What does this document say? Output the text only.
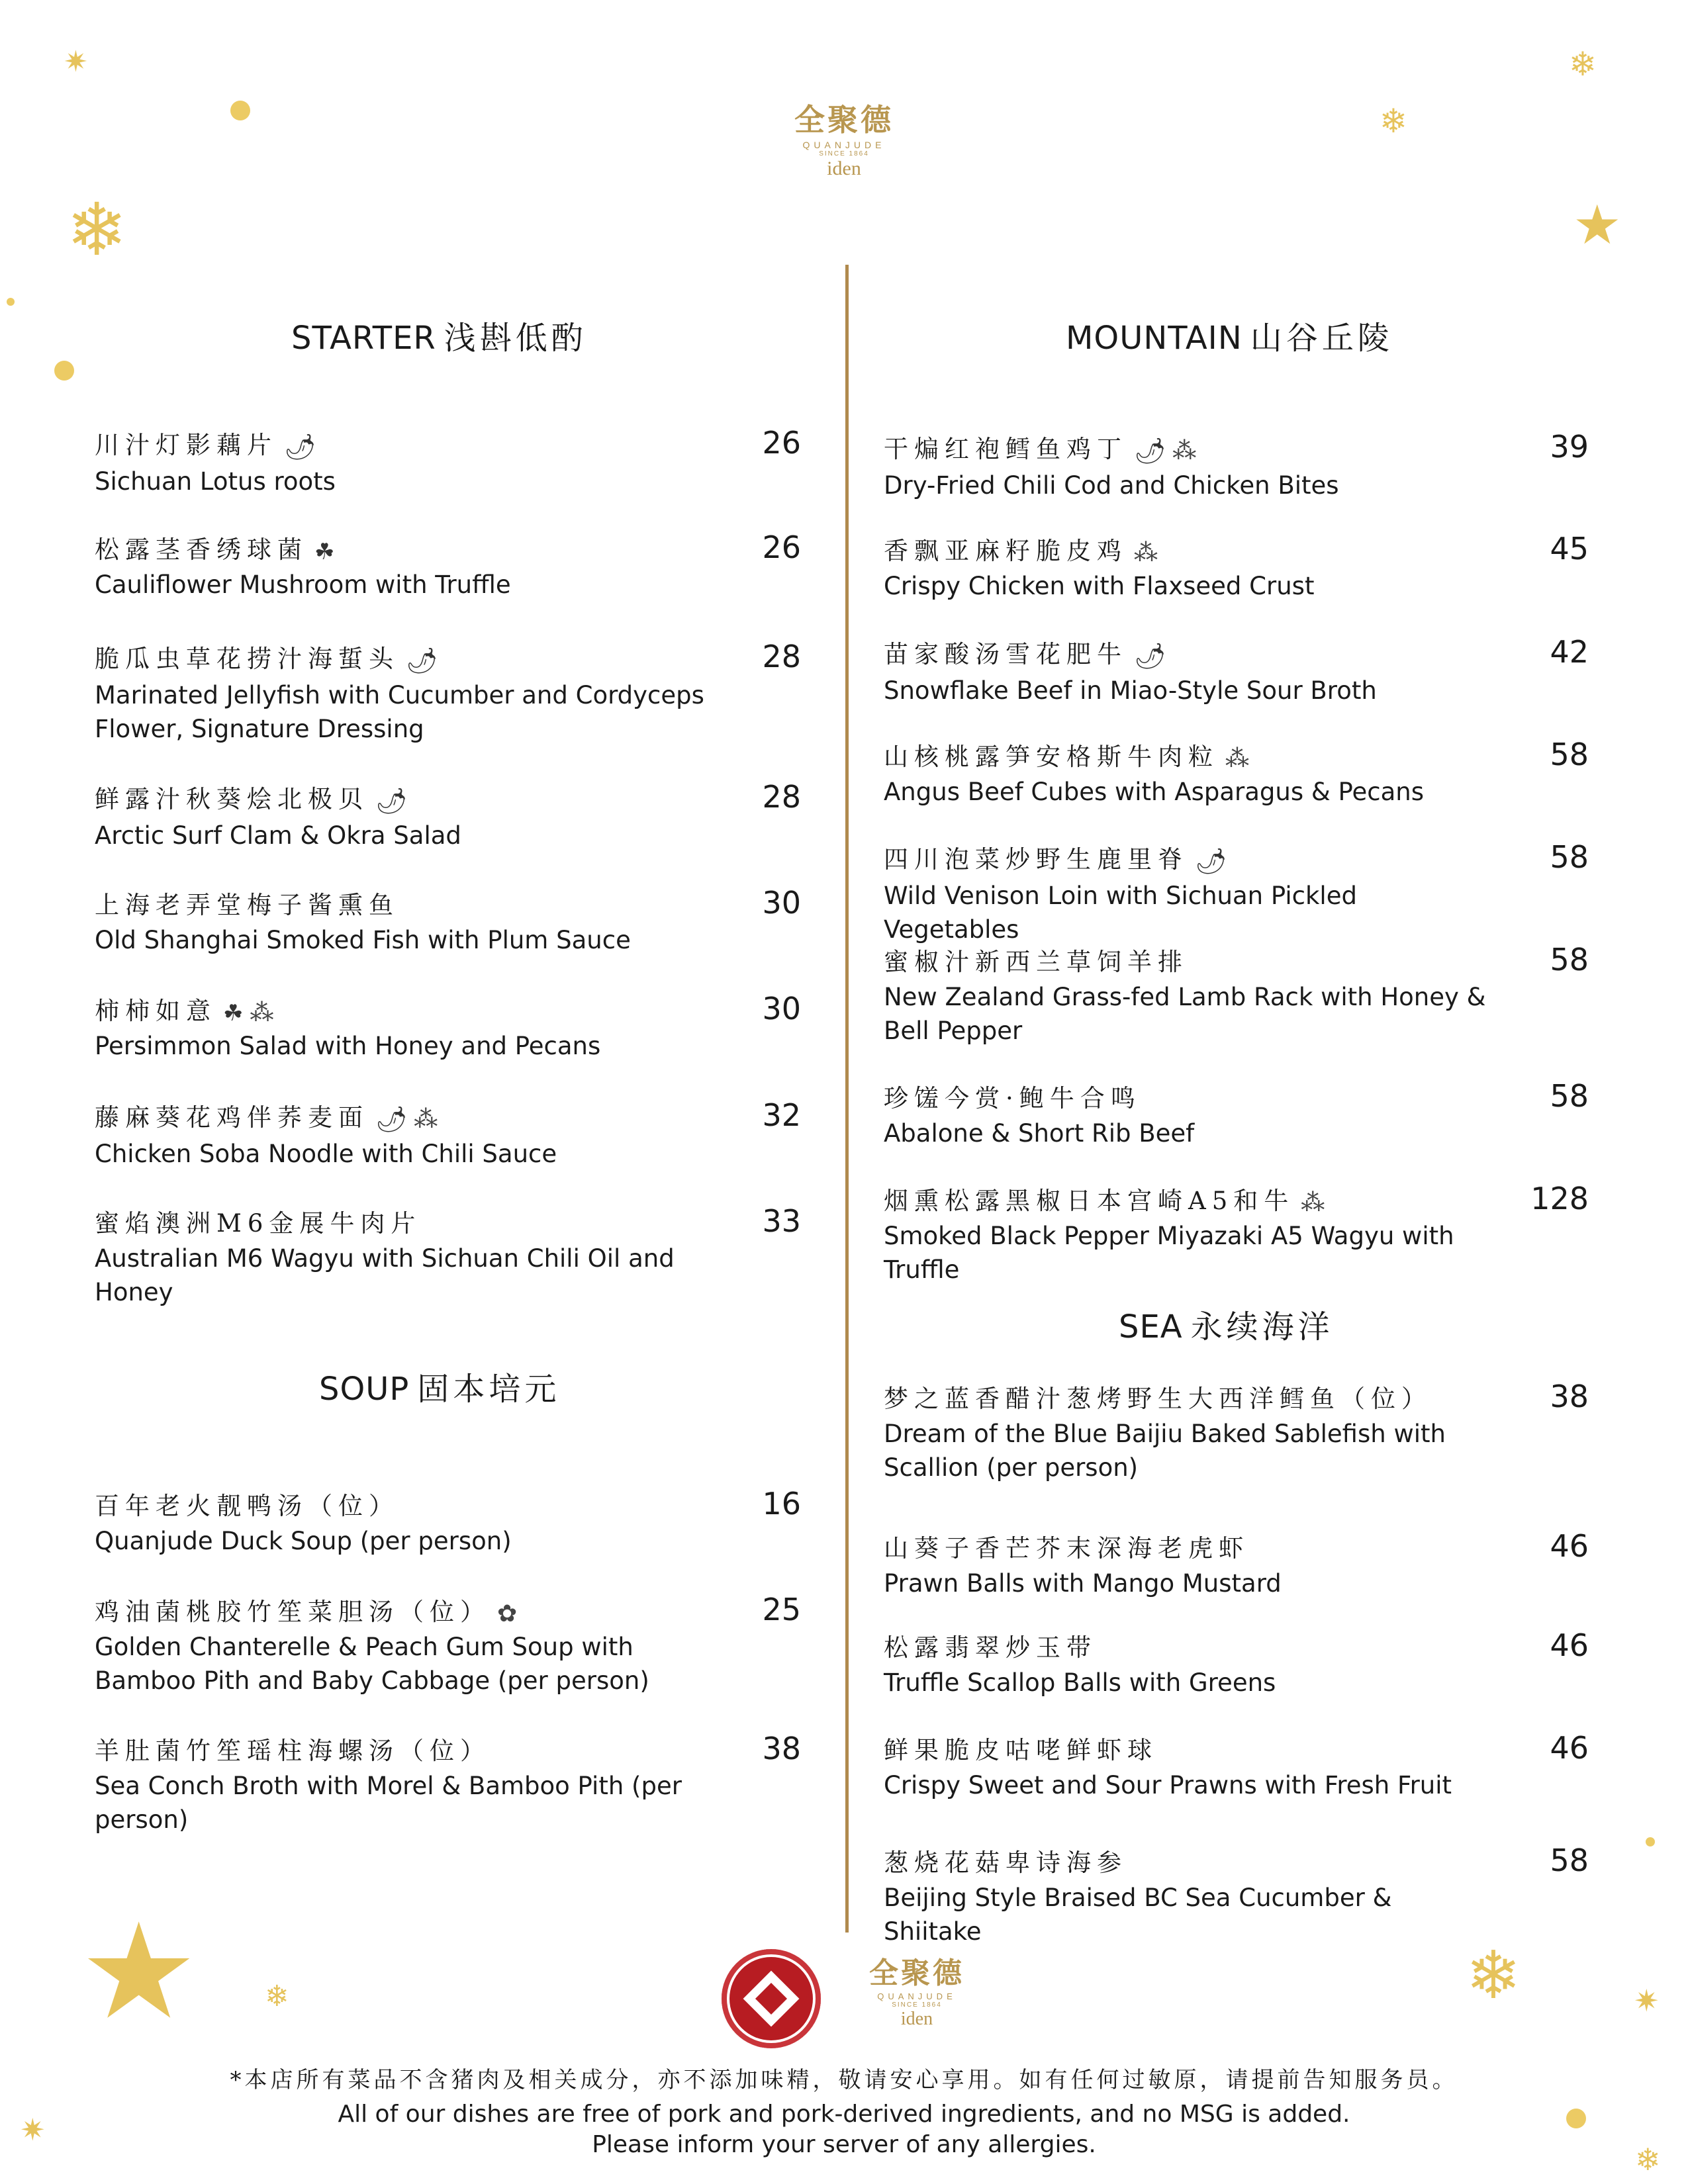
✷
❄
❄
❄
★
★ ❄
✷
❄	✷
❄
全聚德
QUANJUDE
SINCE 1864
iden
STARTER 浅斟低酌	MOUNTAIN 山谷丘陵
SOUP 固本培元
SEA 永续海洋
川汁灯影藕片 🌶
Sichuan Lotus roots
26
松露茎香绣球菌 ☘
Cauliflower Mushroom with Truffle
26
脆瓜虫草花捞汁海蜇头 🌶
Marinated Jellyfish with Cucumber and Cordyceps Flower, Signature Dressing
28
鲜露汁秋葵烩北极贝 🌶
Arctic Surf Clam & Okra Salad
28
上海老弄堂梅子酱熏鱼
Old Shanghai Smoked Fish with Plum Sauce
30
柿柿如意 ☘ ⁂
Persimmon Salad with Honey and Pecans
30
藤麻葵花鸡伴荞麦面 🌶 ⁂
Chicken Soba Noodle with Chili Sauce
32
蜜焰澳洲M6金展牛肉片
Australian M6 Wagyu with Sichuan Chili Oil and Honey
33
百年老火靓鸭汤（位）
Quanjude Duck Soup (per person)
16
鸡油菌桃胶竹笙菜胆汤（位） ✿
Golden Chanterelle & Peach Gum Soup with Bamboo Pith and Baby Cabbage (per person)
25
羊肚菌竹笙瑶柱海螺汤（位）
Sea Conch Broth with Morel & Bamboo Pith (per person)
38
干煸红袍鳕鱼鸡丁 🌶 ⁂
Dry-Fried Chili Cod and Chicken Bites
39
香飘亚麻籽脆皮鸡 ⁂
Crispy Chicken with Flaxseed Crust
45
苗家酸汤雪花肥牛 🌶
Snowflake Beef in Miao-Style Sour Broth
42
山核桃露笋安格斯牛肉粒 ⁂
Angus Beef Cubes with Asparagus & Pecans
58
四川泡菜炒野生鹿里脊 🌶
Wild Venison Loin with Sichuan Pickled Vegetables
58
蜜椒汁新西兰草饲羊排
New Zealand Grass-fed Lamb Rack with Honey & Bell Pepper
58
珍馐今赏·鲍牛合鸣
Abalone & Short Rib Beef
58
烟熏松露黑椒日本宫崎A5和牛 ⁂
Smoked Black Pepper Miyazaki A5 Wagyu with Truffle
128
梦之蓝香醋汁葱烤野生大西洋鳕鱼（位）
Dream of the Blue Baijiu Baked Sablefish with Scallion (per person)
38
山葵子香芒芥末深海老虎虾
Prawn Balls with Mango Mustard
46
松露翡翠炒玉带
Truffle Scallop Balls with Greens
46
鲜果脆皮咕咾鲜虾球
Crispy Sweet and Sour Prawns with Fresh Fruit
46
葱烧花菇卑诗海参
Beijing Style Braised BC Sea Cucumber & Shiitake
58
全聚德
QUANJUDE
SINCE 1864
iden
*本店所有菜品不含猪肉及相关成分，亦不添加味精，敬请安心享用。如有任何过敏原，请提前告知服务员。
All of our dishes are free of pork and pork-derived ingredients, and no MSG is added.
Please inform your server of any allergies.
